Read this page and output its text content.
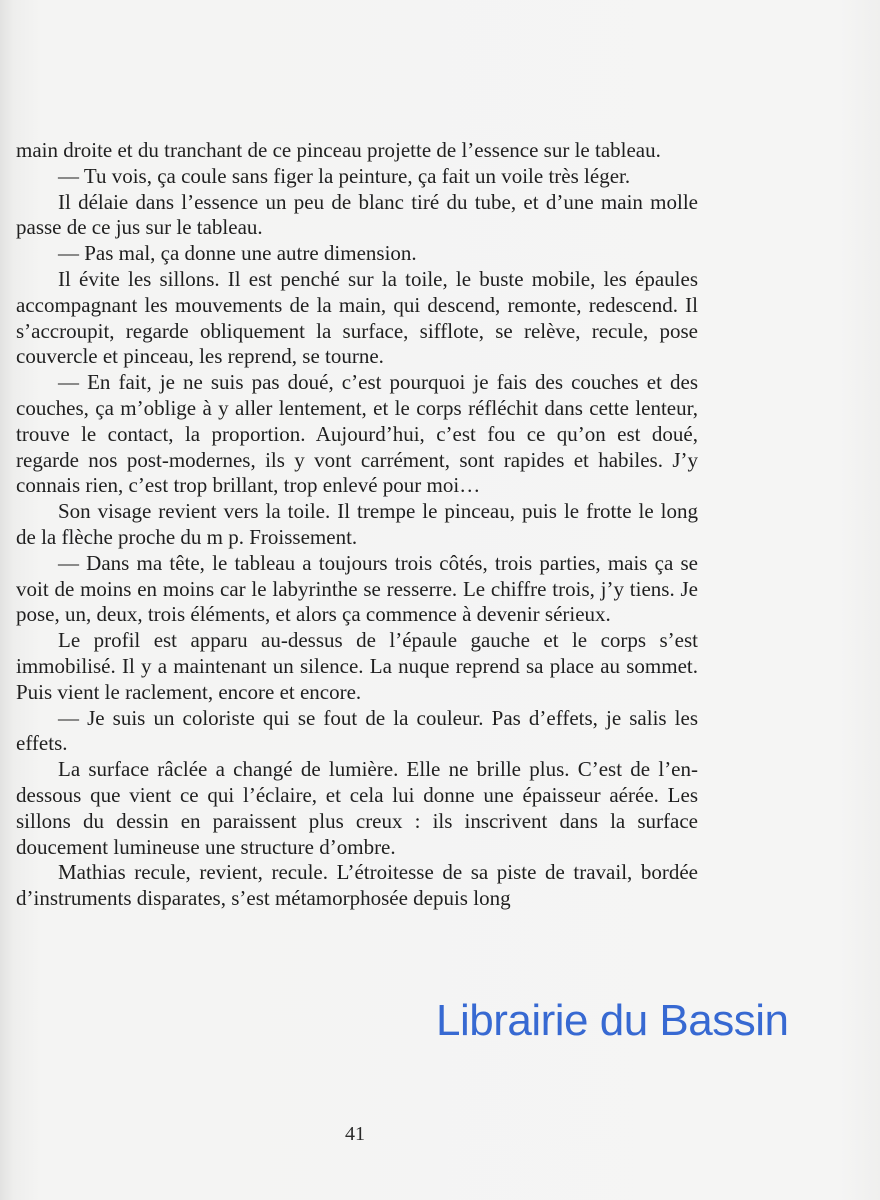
main droite et du tranchant de ce pinceau projette de l’essence sur le tableau.

— Tu vois, ça coule sans figer la peinture, ça fait un voile très léger.

Il délaie dans l’essence un peu de blanc tiré du tube, et d’une main molle passe de ce jus sur le tableau.

— Pas mal, ça donne une autre dimension.

Il évite les sillons. Il est penché sur la toile, le buste mobile, les épaules accompagnant les mouvements de la main, qui descend, remonte, redescend. Il s’accroupit, regarde obliquement la surface, sifflote, se relève, recule, pose couvercle et pinceau, les reprend, se tourne.

— En fait, je ne suis pas doué, c’est pourquoi je fais des couches et des couches, ça m’oblige à y aller lentement, et le corps réfléchit dans cette lenteur, trouve le contact, la proportion. Aujourd’hui, c’est fou ce qu’on est doué, regarde nos post-modernes, ils y vont carrément, sont rapides et habiles. J’y connais rien, c’est trop brillant, trop enlevé pour moi…

Son visage revient vers la toile. Il trempe le pinceau, puis le frotte le long de la flèche proche du m p. Froissement.

— Dans ma tête, le tableau a toujours trois côtés, trois parties, mais ça se voit de moins en moins car le labyrinthe se resserre. Le chiffre trois, j’y tiens. Je pose, un, deux, trois éléments, et alors ça commence à devenir sérieux.

Le profil est apparu au-dessus de l’épaule gauche et le corps s’est immobilisé. Il y a maintenant un silence. La nuque reprend sa place au sommet. Puis vient le raclement, encore et encore.

— Je suis un coloriste qui se fout de la couleur. Pas d’effets, je salis les effets.

La surface râclée a changé de lumière. Elle ne brille plus. C’est de l’en-dessous que vient ce qui l’éclaire, et cela lui donne une épaisseur aérée. Les sillons du dessin en paraissent plus creux : ils inscrivent dans la surface doucement lumineuse une structure d’ombre.

Mathias recule, revient, recule. L’étroitesse de sa piste de travail, bordée d’instruments disparates, s’est métamorphosée depuis long

41
Librairie du Bassin
